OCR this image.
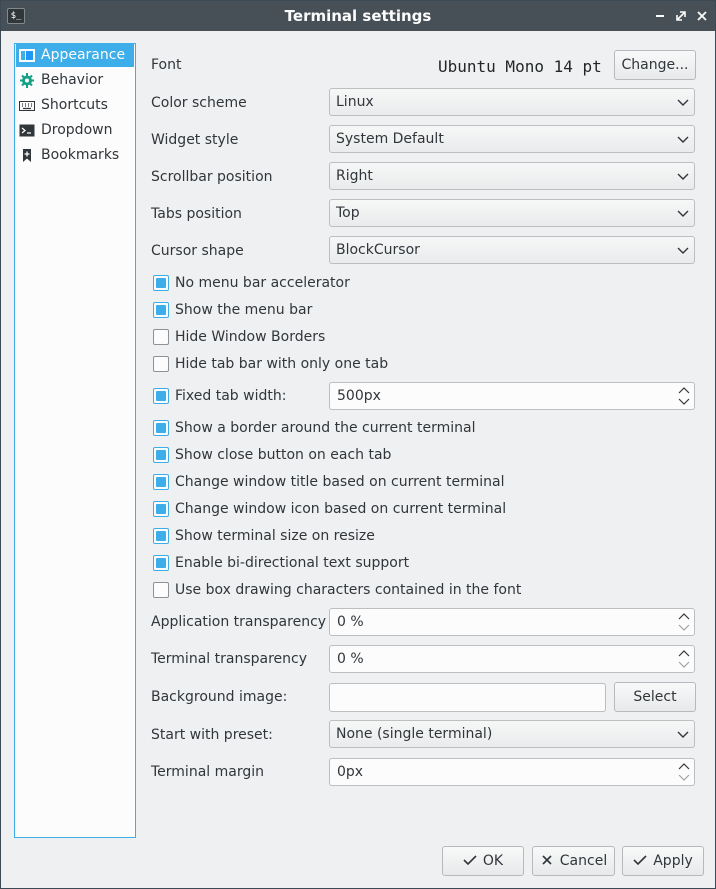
$_	Terminal settings
Appearance
Behavior
Shortcuts
Dropdown
Bookmarks
Font	Ubuntu Mono 14 pt	Change...
Color scheme	Linux
Widget style	System Default
Scrollbar position	Right
Tabs position	Top
Cursor shape	BlockCursor
No menu bar accelerator
Show the menu bar
Hide Window Borders
Hide tab bar with only one tab
Fixed tab width:	500px
Show a border around the current terminal
Show close button on each tab
Change window title based on current terminal
Change window icon based on current terminal
Show terminal size on resize
Enable bi-directional text support
Use box drawing characters contained in the font
Application transparency 0 %
Terminal transparency 0 %
Background image:	Select
Start with preset:	None (single terminal)
Terminal margin	0px
OK	Cancel	Apply
